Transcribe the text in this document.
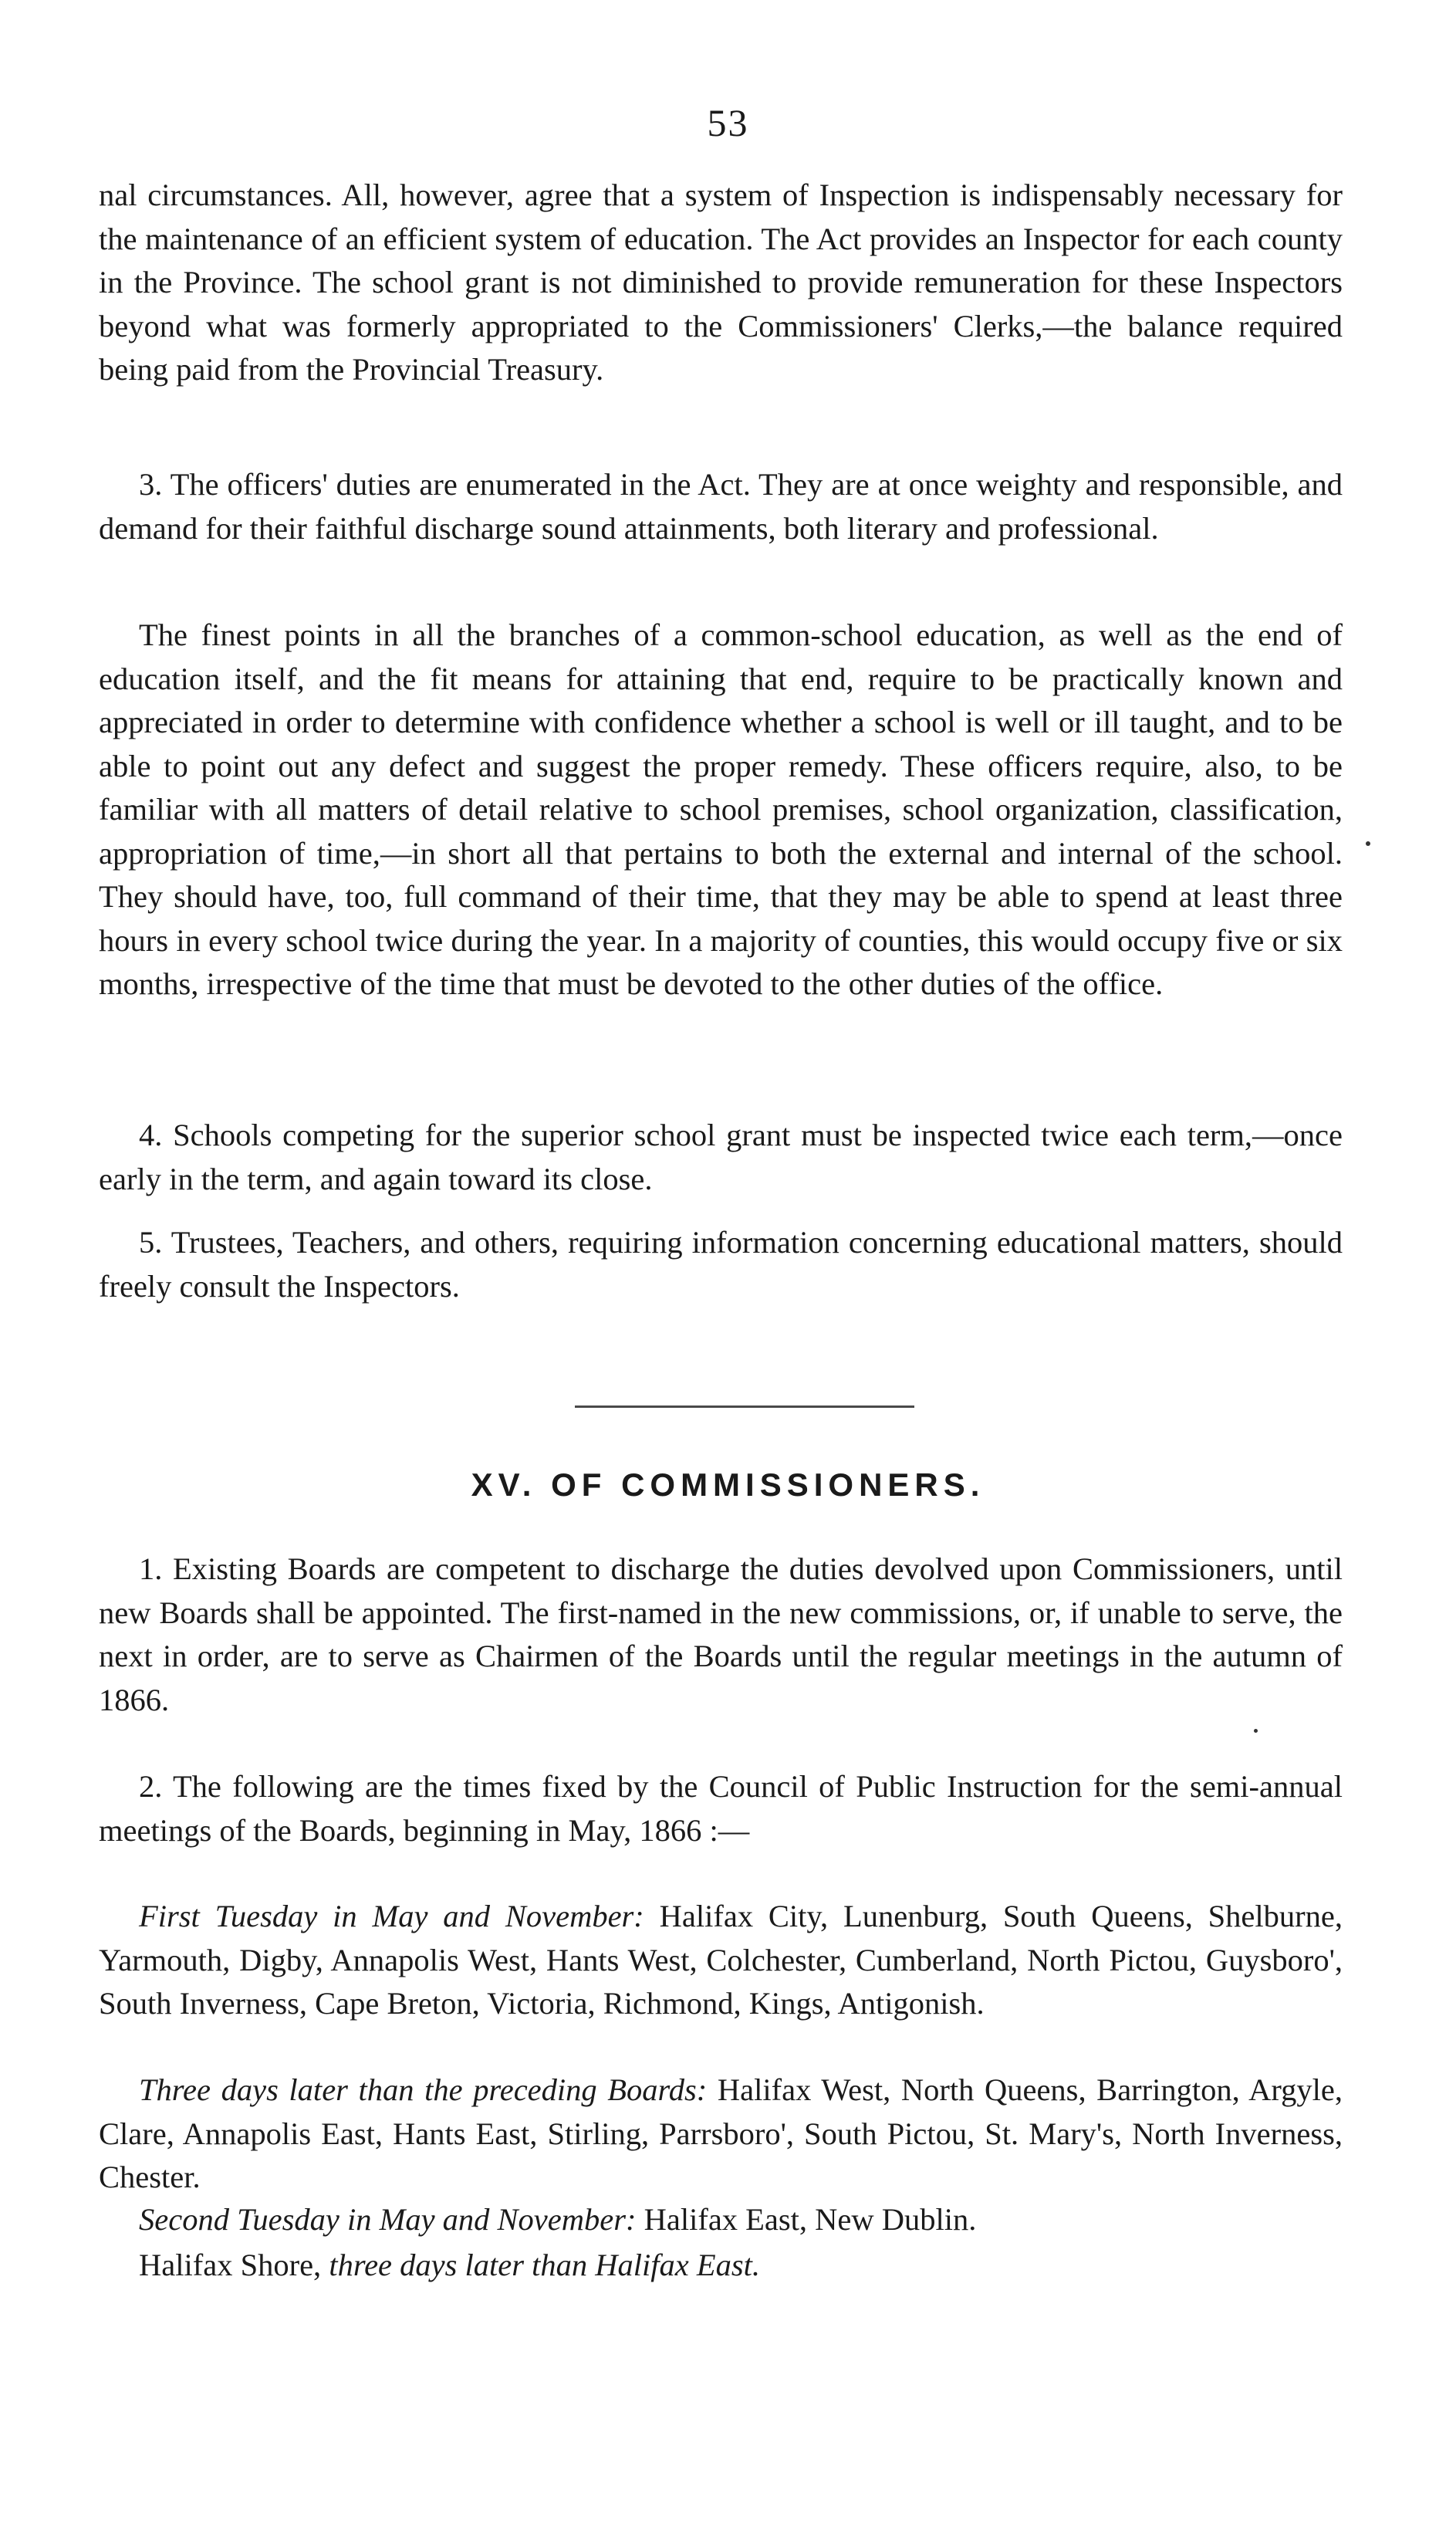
53

nal circumstances. All, however, agree that a system of Inspection is indispensably necessary for the maintenance of an efficient system of education. The Act provides an Inspector for each county in the Province. The school grant is not diminished to provide remuneration for these Inspectors beyond what was formerly appropriated to the Commissioners' Clerks,—the balance required being paid from the Provincial Treasury.

3. The officers' duties are enumerated in the Act. They are at once weighty and responsible, and demand for their faithful discharge sound attainments, both literary and professional.

The finest points in all the branches of a common-school education, as well as the end of education itself, and the fit means for attaining that end, require to be practically known and appreciated in order to determine with confidence whether a school is well or ill taught, and to be able to point out any defect and suggest the proper remedy. These officers require, also, to be familiar with all matters of detail relative to school premises, school organization, classification, appropriation of time,—in short all that pertains to both the external and internal of the school. They should have, too, full command of their time, that they may be able to spend at least three hours in every school twice during the year. In a majority of counties, this would occupy five or six months, irrespective of the time that must be devoted to the other duties of the office.

4. Schools competing for the superior school grant must be inspected twice each term,—once early in the term, and again toward its close.

5. Trustees, Teachers, and others, requiring information concerning educational matters, should freely consult the Inspectors.

XV. OF COMMISSIONERS.

1. Existing Boards are competent to discharge the duties devolved upon Commissioners, until new Boards shall be appointed. The first-named in the new commissions, or, if unable to serve, the next in order, are to serve as Chairmen of the Boards until the regular meetings in the autumn of 1866.

2. The following are the times fixed by the Council of Public Instruction for the semi-annual meetings of the Boards, beginning in May, 1866 :—

First Tuesday in May and November: Halifax City, Lunenburg, South Queens, Shelburne, Yarmouth, Digby, Annapolis West, Hants West, Colchester, Cumberland, North Pictou, Guysboro', South Inverness, Cape Breton, Victoria, Richmond, Kings, Antigonish.

Three days later than the preceding Boards: Halifax West, North Queens, Barrington, Argyle, Clare, Annapolis East, Hants East, Stirling, Parrsboro', South Pictou, St. Mary's, North Inverness, Chester.

Second Tuesday in May and November: Halifax East, New Dublin.

Halifax Shore, three days later than Halifax East.
